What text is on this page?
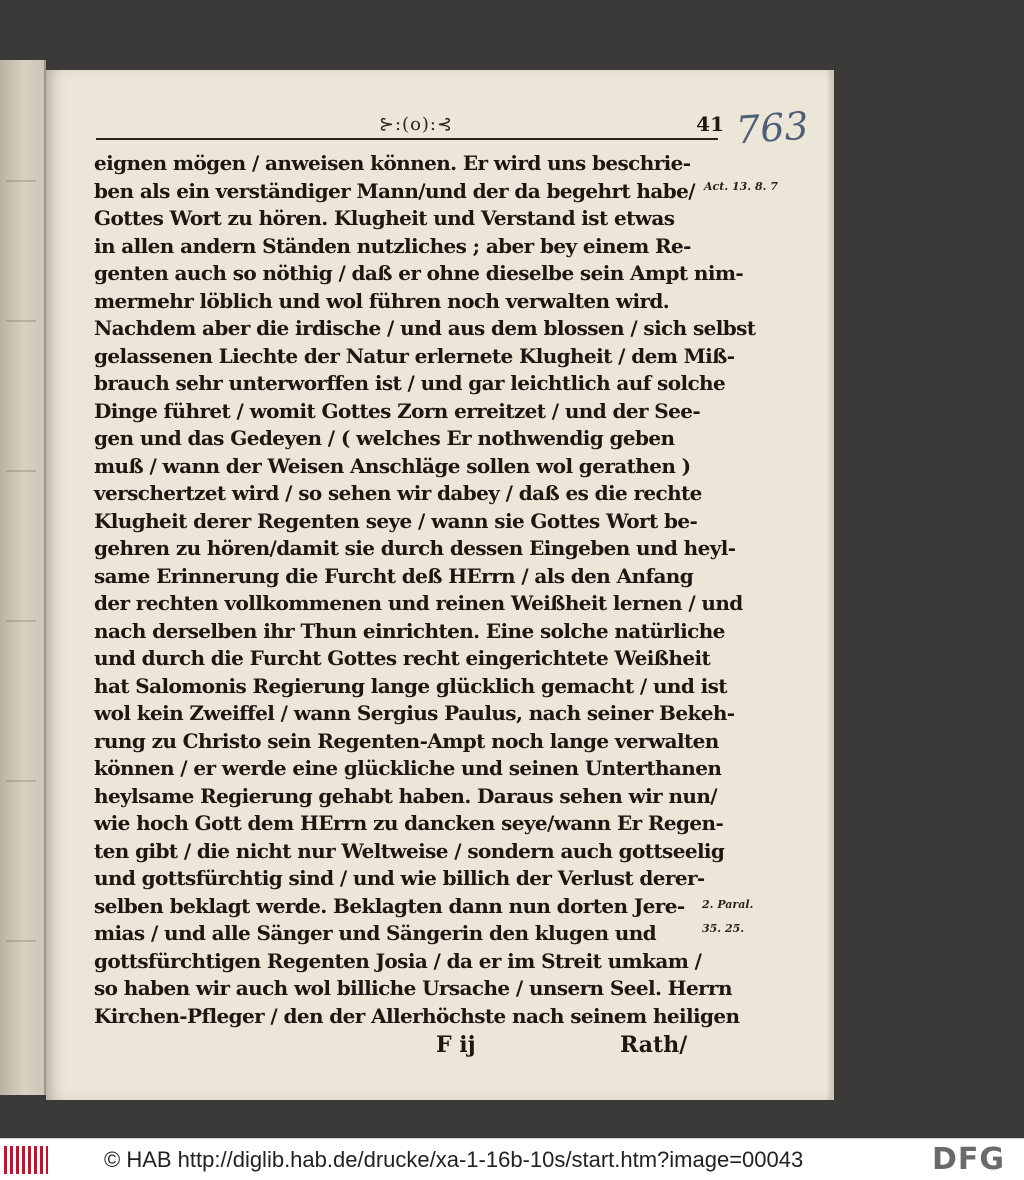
⊱:(o):⊰	41 763
eignen mögen / anweisen können. Er wird uns beschrie-
ben als ein verständiger Mann/und der da begehrt habe/
Gottes Wort zu hören. Klugheit und Verstand ist etwas
in allen andern Ständen nutzliches ; aber bey einem Re-
genten auch so nöthig / daß er ohne dieselbe sein Ampt nim-
mermehr löblich und wol führen noch verwalten wird.
Nachdem aber die irdische / und aus dem blossen / sich selbst
gelassenen Liechte der Natur erlernete Klugheit / dem Miß-
brauch sehr unterworffen ist / und gar leichtlich auf solche
Dinge führet / womit Gottes Zorn erreitzet / und der See-
gen und das Gedeyen / ( welches Er nothwendig geben
muß / wann der Weisen Anschläge sollen wol gerathen )
verschertzet wird / so sehen wir dabey / daß es die rechte
Klugheit derer Regenten seye / wann sie Gottes Wort be-
gehren zu hören/damit sie durch dessen Eingeben und heyl-
same Erinnerung die Furcht deß HErrn / als den Anfang
der rechten vollkommenen und reinen Weißheit lernen / und
nach derselben ihr Thun einrichten. Eine solche natürliche
und durch die Furcht Gottes recht eingerichtete Weißheit
hat Salomonis Regierung lange glücklich gemacht / und ist
wol kein Zweiffel / wann Sergius Paulus, nach seiner Bekeh-
rung zu Christo sein Regenten-Ampt noch lange verwalten
können / er werde eine glückliche und seinen Unterthanen
heylsame Regierung gehabt haben. Daraus sehen wir nun/
wie hoch Gott dem HErrn zu dancken seye/wann Er Regen-
ten gibt / die nicht nur Weltweise / sondern auch gottseelig
und gottsfürchtig sind / und wie billich der Verlust derer-
selben beklagt werde. Beklagten dann nun dorten Jere-
mias / und alle Sänger und Sängerin den klugen und
gottsfürchtigen Regenten Josia / da er im Streit umkam /
so haben wir auch wol billiche Ursache / unsern Seel. Herrn
Kirchen-Pfleger / den der Allerhöchste nach seinem heiligen
Act. 13. 8. 7
2. Paral.
35. 25.
F ij	Rath/
© HAB http://diglib.hab.de/drucke/xa-1-16b-10s/start.htm?image=00043	DFG
